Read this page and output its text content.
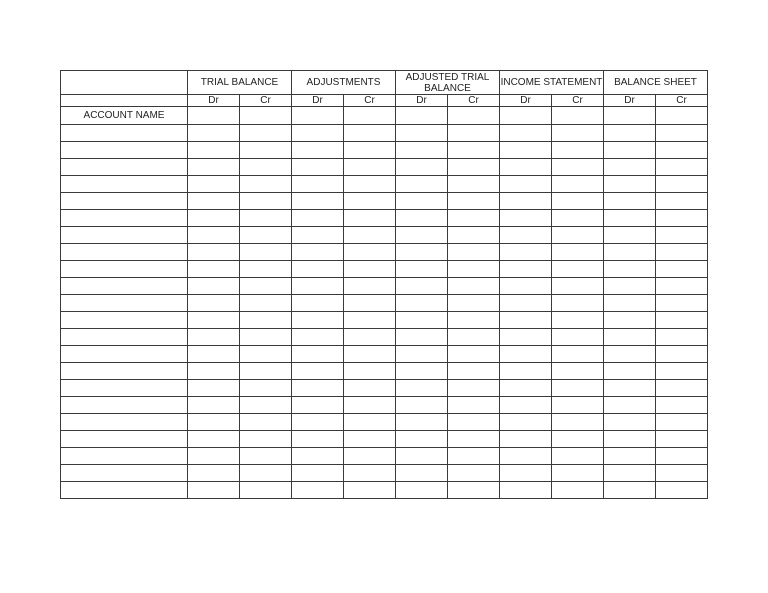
	TRIAL BALANCE		ADJUSTMENTS		ADJUSTED TRIAL BALANCE		INCOME STATEMENT		BALANCE SHEET	
	Dr	Cr	Dr	Cr	Dr	Cr	Dr	Cr	Dr	Cr
ACCOUNT NAME										
